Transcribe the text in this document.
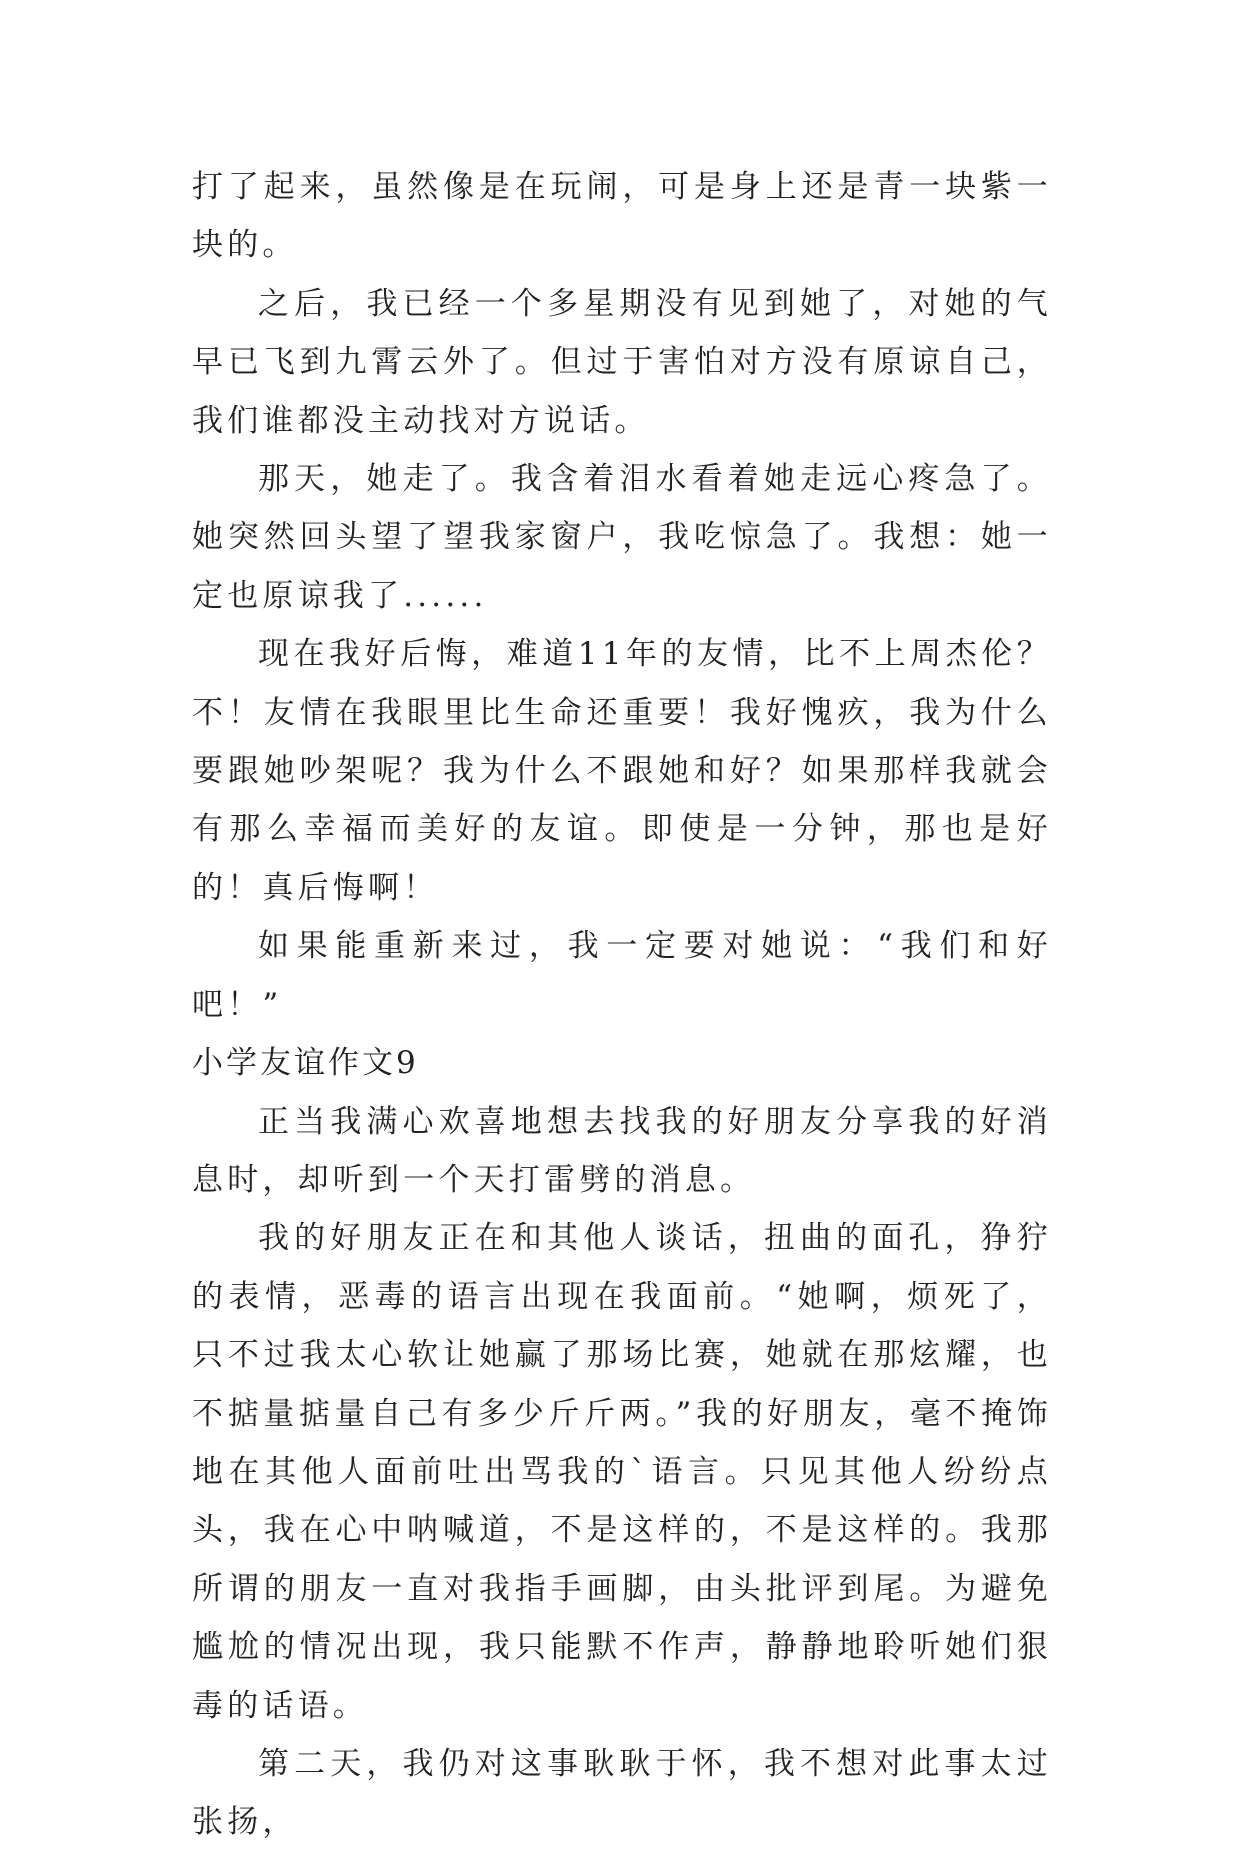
打了起来，虽然像是在玩闹，可是身上还是青一块紫一块的。

之后，我已经一个多星期没有见到她了，对她的气早已飞到九霄云外了。但过于害怕对方没有原谅自己，我们谁都没主动找对方说话。

那天，她走了。我含着泪水看着她走远心疼急了。她突然回头望了望我家窗户，我吃惊急了。我想：她一定也原谅我了......

现在我好后悔，难道11年的友情，比不上周杰伦？不！友情在我眼里比生命还重要！我好愧疚，我为什么要跟她吵架呢？我为什么不跟她和好？如果那样我就会有那么幸福而美好的友谊。即使是一分钟，那也是好的！真后悔啊！

如果能重新来过，我一定要对她说：“我们和好吧！”

小学友谊作文9

正当我满心欢喜地想去找我的好朋友分享我的好消息时，却听到一个天打雷劈的消息。

我的好朋友正在和其他人谈话，扭曲的面孔，狰狞的表情，恶毒的语言出现在我面前。“她啊，烦死了，只不过我太心软让她赢了那场比赛，她就在那炫耀，也不掂量掂量自己有多少斤斤两。”我的好朋友，毫不掩饰地在其他人面前吐出骂我的`语言。只见其他人纷纷点头，我在心中呐喊道，不是这样的，不是这样的。我那所谓的朋友一直对我指手画脚，由头批评到尾。为避免尴尬的情况出现，我只能默不作声，静静地聆听她们狠毒的话语。

第二天，我仍对这事耿耿于怀，我不想对此事太过张扬，
